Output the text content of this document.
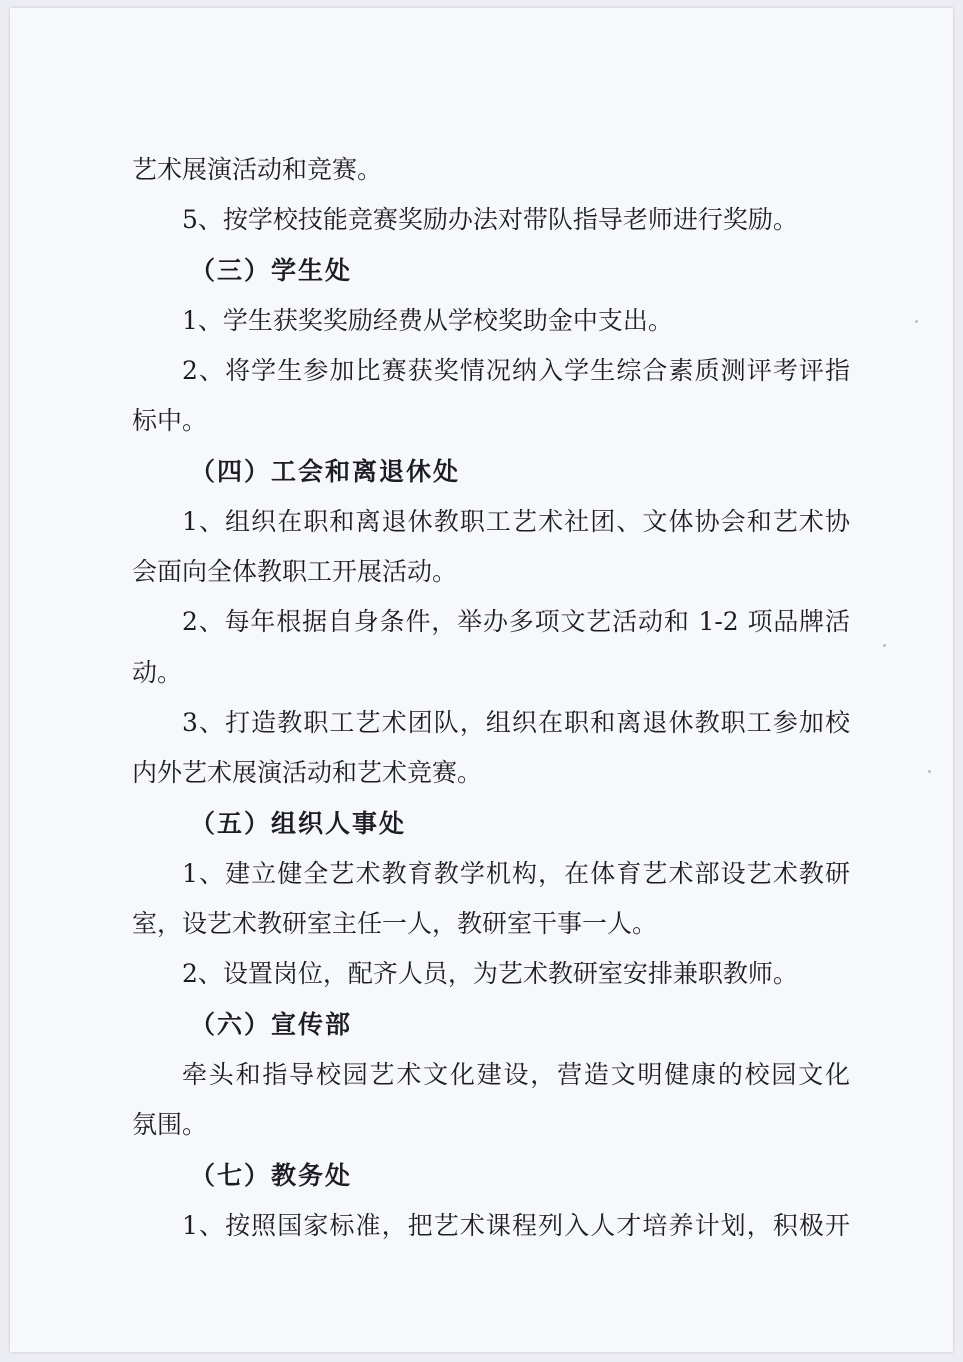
艺术展演活动和竞赛。
5、按学校技能竞赛奖励办法对带队指导老师进行奖励。
（三）学生处
1、学生获奖奖励经费从学校奖助金中支出。
2、将学生参加比赛获奖情况纳入学生综合素质测评考评指
标中。
（四）工会和离退休处
1、组织在职和离退休教职工艺术社团、文体协会和艺术协
会面向全体教职工开展活动。
2、每年根据自身条件，举办多项文艺活动和 1-2 项品牌活
动。
3、打造教职工艺术团队，组织在职和离退休教职工参加校
内外艺术展演活动和艺术竞赛。
（五）组织人事处
1、建立健全艺术教育教学机构，在体育艺术部设艺术教研
室，设艺术教研室主任一人，教研室干事一人。
2、设置岗位，配齐人员，为艺术教研室安排兼职教师。
（六）宣传部
牵头和指导校园艺术文化建设，营造文明健康的校园文化
氛围。
（七）教务处
1、按照国家标准，把艺术课程列入人才培养计划，积极开
